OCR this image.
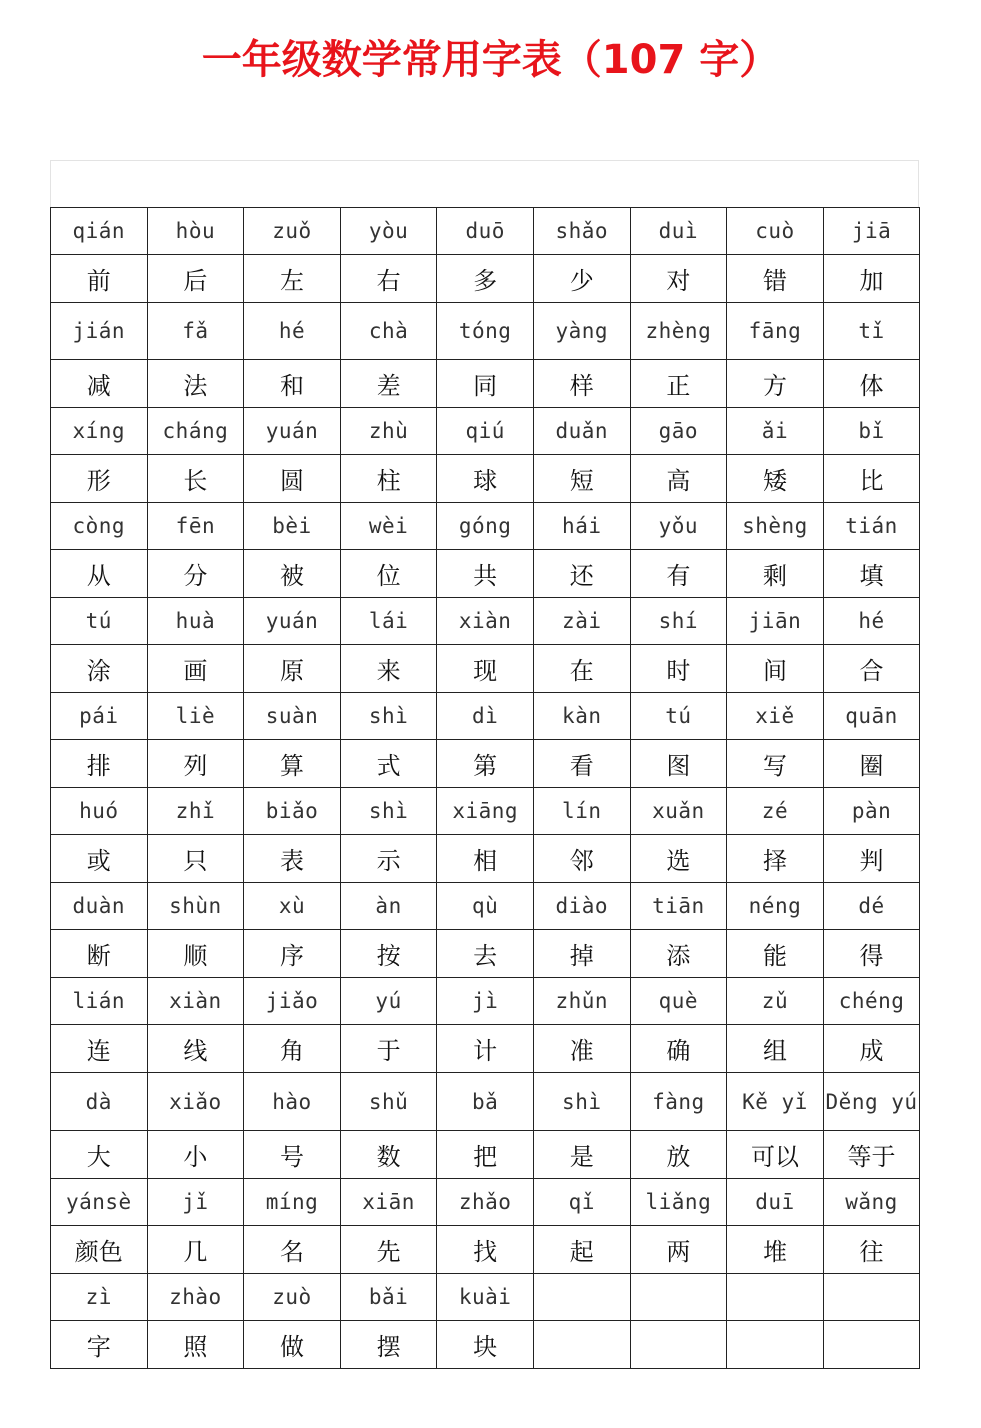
一年级数学常用字表（107 字）
qián	hòu	zuǒ	yòu	duō	shǎo	duì	cuò	jiā
前	后	左	右	多	少	对	错	加
jián	fǎ	hé	chà	tóng	yàng	zhèng	fāng	tǐ
减	法	和	差	同	样	正	方	体
xíng	cháng	yuán	zhù	qiú	duǎn	gāo	ǎi	bǐ
形	长	圆	柱	球	短	高	矮	比
còng	fēn	bèi	wèi	góng	hái	yǒu	shèng	tián
从	分	被	位	共	还	有	剩	填
tú	huà	yuán	lái	xiàn	zài	shí	jiān	hé
涂	画	原	来	现	在	时	间	合
pái	liè	suàn	shì	dì	kàn	tú	xiě	quān
排	列	算	式	第	看	图	写	圈
huó	zhǐ	biǎo	shì	xiāng	lín	xuǎn	zé	pàn
或	只	表	示	相	邻	选	择	判
duàn	shùn	xù	àn	qù	diào	tiān	néng	dé
断	顺	序	按	去	掉	添	能	得
lián	xiàn	jiǎo	yú	jì	zhǔn	què	zǔ	chéng
连	线	角	于	计	准	确	组	成
dà	xiǎo	hào	shǔ	bǎ	shì	fàng	Kě yǐ	Děng yú
大	小	号	数	把	是	放	可以	等于
yánsè	jǐ	míng	xiān	zhǎo	qǐ	liǎng	duī	wǎng
颜色	几	名	先	找	起	两	堆	往
zì	zhào	zuò	bǎi	kuài				
字	照	做	摆	块				
